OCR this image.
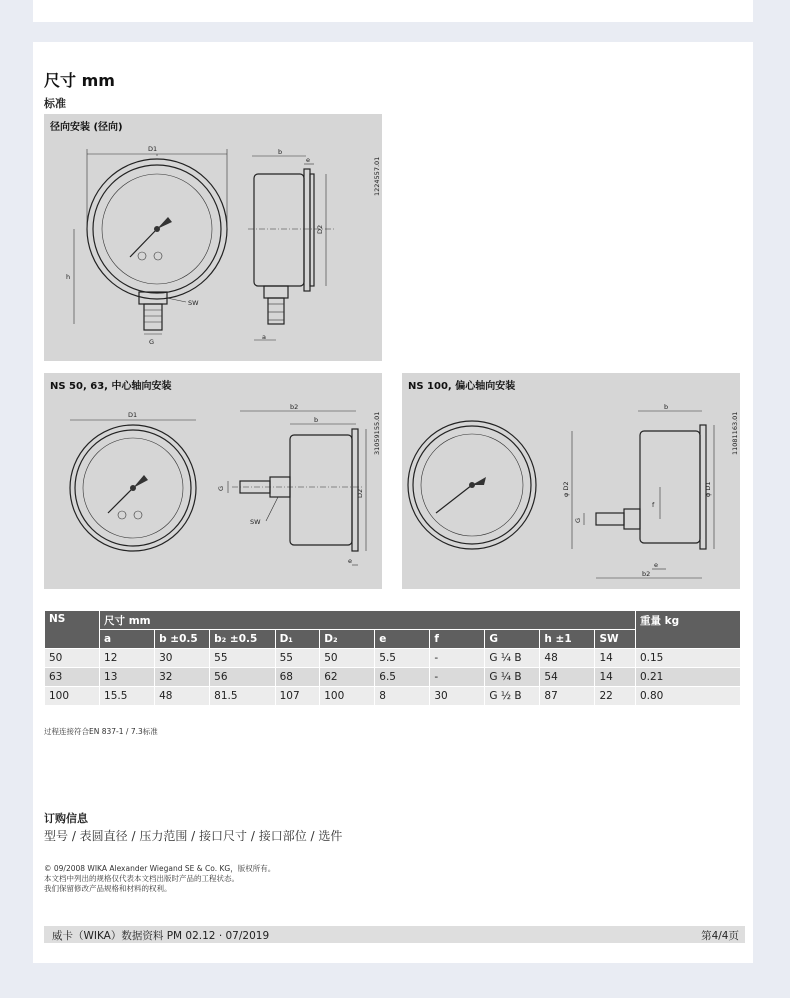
尺寸 mm
标准
径向安装 (径向)
D1
h
SW
G
b
e
D2
a
1224557.01
NS 50, 63, 中心轴向安装
D1
b2
b
D2
G
SW
e
31059155.01
NS 100, 偏心轴向安装
b
φ D2	φ D1
G
f
e
b2
11081163.01
NS	尺寸 mm										重量 kg
	a	b ±0.5	b₂ ±0.5	D₁	D₂	e	f	G	h ±1	SW	
50	12	30	55	55	50	5.5	-	G ¼ B	48	14	0.15
63	13	32	56	68	62	6.5	-	G ¼ B	54	14	0.21
100	15.5	48	81.5	107	100	8	30	G ½ B	87	22	0.80
过程连接符合EN 837-1 / 7.3标准
订购信息
型号 / 表圆直径 / 压力范围 / 接口尺寸 / 接口部位 / 选件
© 09/2008 WIKA Alexander Wiegand SE & Co. KG，版权所有。
本文档中列出的规格仅代表本文档出版时产品的工程状态。
我们保留修改产品规格和材料的权利。
威卡（WIKA）数据资料 PM 02.12 · 07/2019	第4/4页
